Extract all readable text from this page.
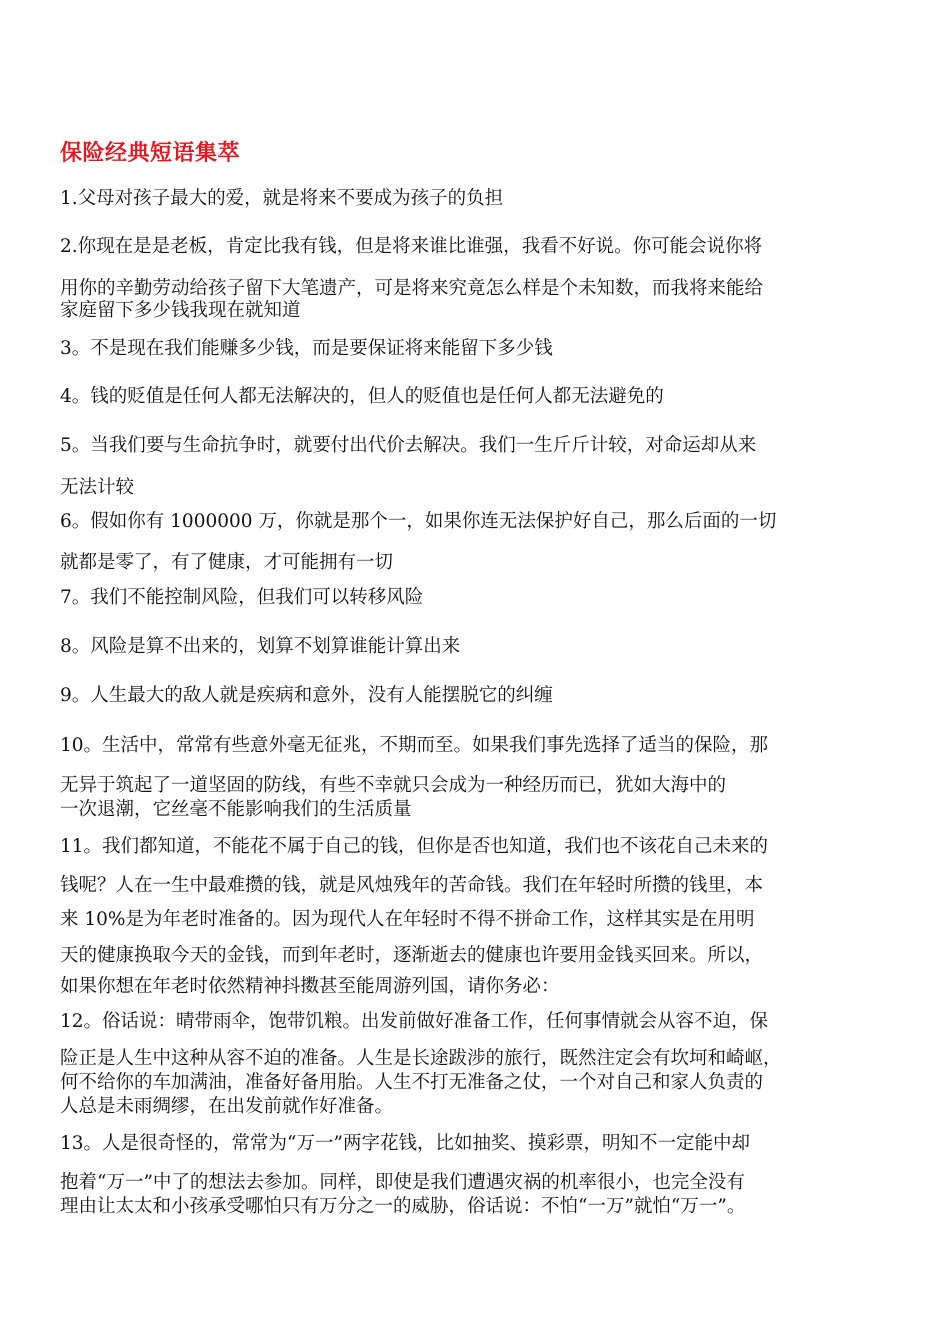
保险经典短语集萃
1.父母对孩子最大的爱，就是将来不要成为孩子的负担
2.你现在是是老板，肯定比我有钱，但是将来谁比谁强，我看不好说。你可能会说你将
用你的辛勤劳动给孩子留下大笔遗产，可是将来究竟怎么样是个未知数，而我将来能给
家庭留下多少钱我现在就知道
3。不是现在我们能赚多少钱，而是要保证将来能留下多少钱
4。钱的贬值是任何人都无法解决的，但人的贬值也是任何人都无法避免的
5。当我们要与生命抗争时，就要付出代价去解决。我们一生斤斤计较，对命运却从来
无法计较
6。假如你有 1000000 万，你就是那个一，如果你连无法保护好自己，那么后面的一切
就都是零了，有了健康，才可能拥有一切
7。我们不能控制风险，但我们可以转移风险
8。风险是算不出来的，划算不划算谁能计算出来
9。人生最大的敌人就是疾病和意外，没有人能摆脱它的纠缠
10。生活中，常常有些意外毫无征兆，不期而至。如果我们事先选择了适当的保险，那
无异于筑起了一道坚固的防线，有些不幸就只会成为一种经历而已，犹如大海中的
一次退潮，它丝毫不能影响我们的生活质量
11。我们都知道，不能花不属于自己的钱，但你是否也知道，我们也不该花自己未来的
钱呢？人在一生中最难攒的钱，就是风烛残年的苦命钱。我们在年轻时所攒的钱里，本
来 10%是为年老时准备的。因为现代人在年轻时不得不拼命工作，这样其实是在用明
天的健康换取今天的金钱，而到年老时，逐渐逝去的健康也许要用金钱买回来。所以，
如果你想在年老时依然精神抖擞甚至能周游列国，请你务必：
12。俗话说：晴带雨伞，饱带饥粮。出发前做好准备工作，任何事情就会从容不迫，保
险正是人生中这种从容不迫的准备。人生是长途跋涉的旅行，既然注定会有坎坷和崎岖，
何不给你的车加满油，准备好备用胎。人生不打无准备之仗，一个对自己和家人负责的
人总是未雨绸缪，在出发前就作好准备。
13。人是很奇怪的，常常为“万一”两字花钱，比如抽奖、摸彩票，明知不一定能中却
抱着“万一”中了的想法去参加。同样，即使是我们遭遇灾祸的机率很小，也完全没有
理由让太太和小孩承受哪怕只有万分之一的威胁，俗话说：不怕“一万”就怕“万一”。
